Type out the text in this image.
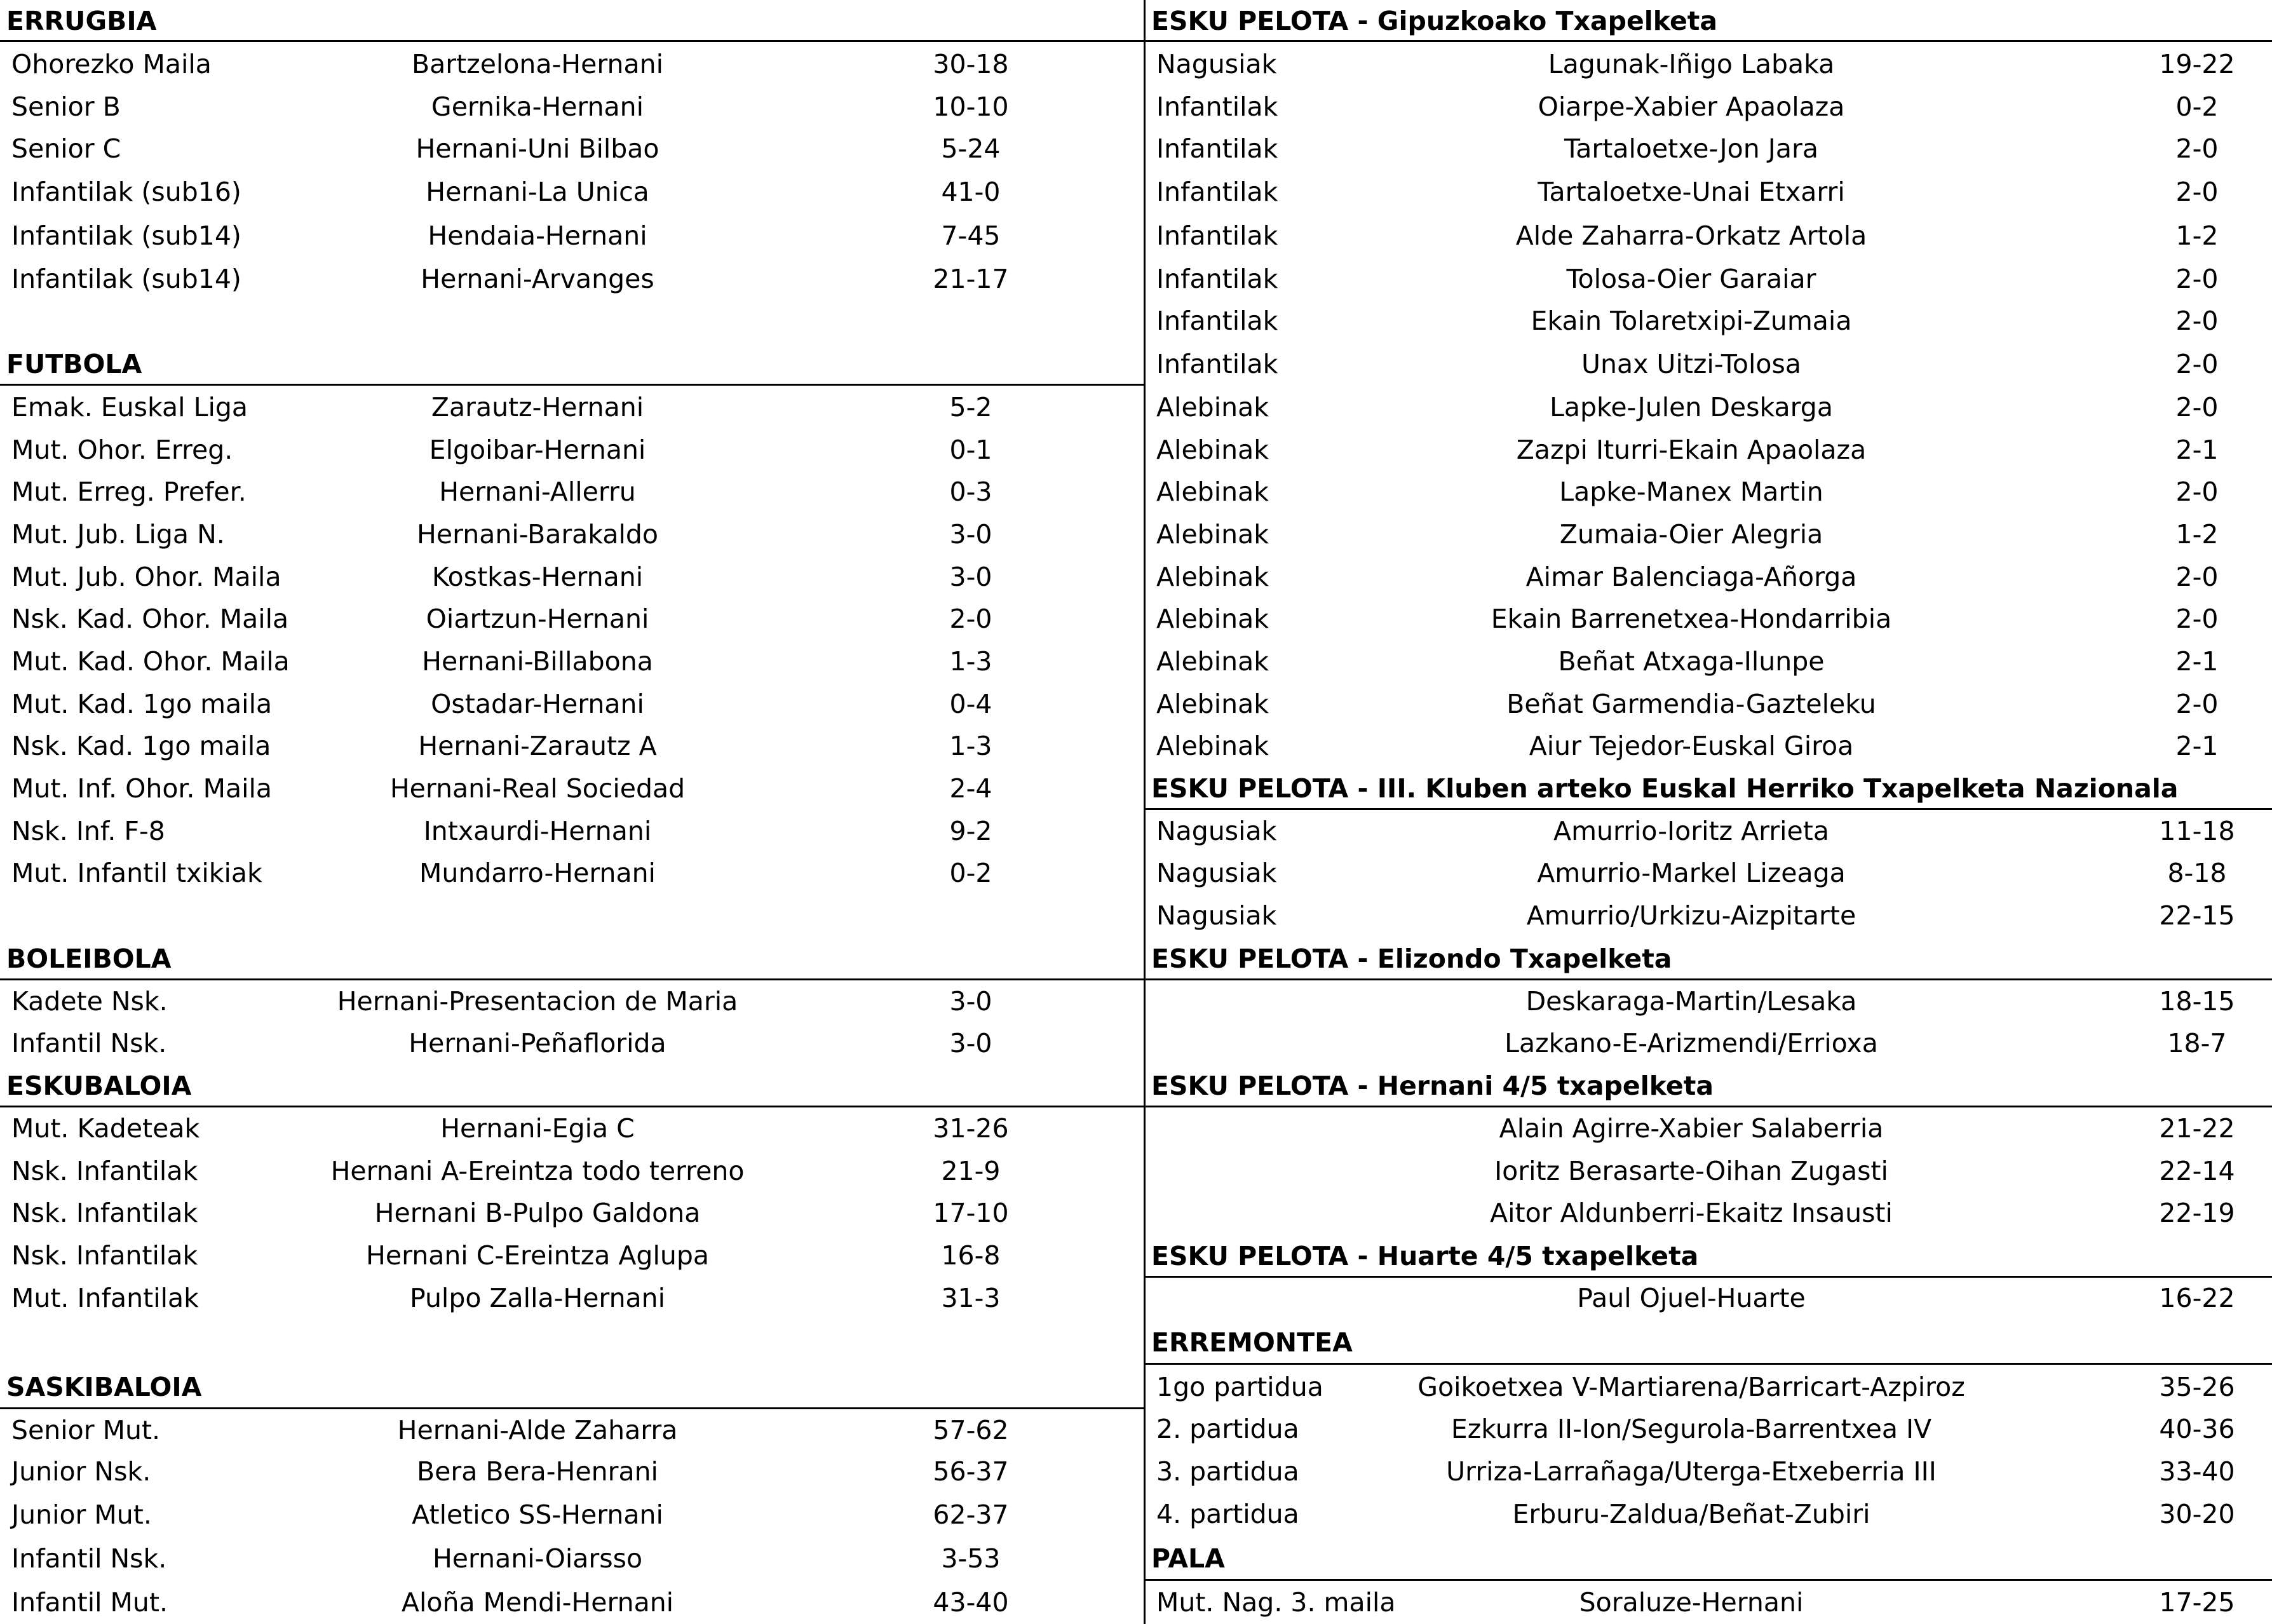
ERRUGBIA
Ohorezko Maila	Bartzelona-Hernani	30-18
Senior B	Gernika-Hernani	10-10
Senior C	Hernani-Uni Bilbao	5-24
Infantilak (sub16)	Hernani-La Unica	41-0
Infantilak (sub14)	Hendaia-Hernani	7-45
Infantilak (sub14)	Hernani-Arvanges	21-17
FUTBOLA
Emak. Euskal Liga	Zarautz-Hernani	5-2
Mut. Ohor. Erreg.	Elgoibar-Hernani	0-1
Mut. Erreg. Prefer.	Hernani-Allerru	0-3
Mut. Jub. Liga N.	Hernani-Barakaldo	3-0
Mut. Jub. Ohor. Maila	Kostkas-Hernani	3-0
Nsk. Kad. Ohor. Maila	Oiartzun-Hernani	2-0
Mut. Kad. Ohor. Maila	Hernani-Billabona	1-3
Mut. Kad. 1go maila	Ostadar-Hernani	0-4
Nsk. Kad. 1go maila	Hernani-Zarautz A	1-3
Mut. Inf. Ohor. Maila	Hernani-Real Sociedad	2-4
Nsk. Inf. F-8	Intxaurdi-Hernani	9-2
Mut. Infantil txikiak	Mundarro-Hernani	0-2
BOLEIBOLA
Kadete Nsk.	Hernani-Presentacion de Maria	3-0
Infantil Nsk.	Hernani-Peñaflorida	3-0
ESKUBALOIA
Mut. Kadeteak	Hernani-Egia C	31-26
Nsk. Infantilak	Hernani A-Ereintza todo terreno	21-9
Nsk. Infantilak	Hernani B-Pulpo Galdona	17-10
Nsk. Infantilak	Hernani C-Ereintza Aglupa	16-8
Mut. Infantilak	Pulpo Zalla-Hernani	31-3
SASKIBALOIA
Senior Mut.	Hernani-Alde Zaharra	57-62
Junior Nsk.	Bera Bera-Henrani	56-37
Junior Mut.	Atletico SS-Hernani	62-37
Infantil Nsk.	Hernani-Oiarsso	3-53
Infantil Mut.	Aloña Mendi-Hernani	43-40
ESKU PELOTA - Gipuzkoako Txapelketa
Nagusiak	Lagunak-Iñigo Labaka	19-22
Infantilak	Oiarpe-Xabier Apaolaza	0-2
Infantilak	Tartaloetxe-Jon Jara	2-0
Infantilak	Tartaloetxe-Unai Etxarri	2-0
Infantilak	Alde Zaharra-Orkatz Artola	1-2
Infantilak	Tolosa-Oier Garaiar	2-0
Infantilak	Ekain Tolaretxipi-Zumaia	2-0
Infantilak	Unax Uitzi-Tolosa	2-0
Alebinak	Lapke-Julen Deskarga	2-0
Alebinak	Zazpi Iturri-Ekain Apaolaza	2-1
Alebinak	Lapke-Manex Martin	2-0
Alebinak	Zumaia-Oier Alegria	1-2
Alebinak	Aimar Balenciaga-Añorga	2-0
Alebinak	Ekain Barrenetxea-Hondarribia	2-0
Alebinak	Beñat Atxaga-Ilunpe	2-1
Alebinak	Beñat Garmendia-Gazteleku	2-0
Alebinak	Aiur Tejedor-Euskal Giroa	2-1
ESKU PELOTA - III. Kluben arteko Euskal Herriko Txapelketa Nazionala
Nagusiak	Amurrio-Ioritz Arrieta	11-18
Nagusiak	Amurrio-Markel Lizeaga	8-18
Nagusiak	Amurrio/Urkizu-Aizpitarte	22-15
ESKU PELOTA - Elizondo Txapelketa
Deskaraga-Martin/Lesaka	18-15
Lazkano-E-Arizmendi/Errioxa	18-7
ESKU PELOTA - Hernani 4/5 txapelketa
Alain Agirre-Xabier Salaberria	21-22
Ioritz Berasarte-Oihan Zugasti	22-14
Aitor Aldunberri-Ekaitz Insausti	22-19
ESKU PELOTA - Huarte 4/5 txapelketa
Paul Ojuel-Huarte	16-22
ERREMONTEA
1go partidua	Goikoetxea V-Martiarena/Barricart-Azpiroz	35-26
2. partidua	Ezkurra II-Ion/Segurola-Barrentxea IV	40-36
3. partidua	Urriza-Larrañaga/Uterga-Etxeberria III	33-40
4. partidua	Erburu-Zaldua/Beñat-Zubiri	30-20
PALA
Mut. Nag. 3. maila	Soraluze-Hernani	17-25
